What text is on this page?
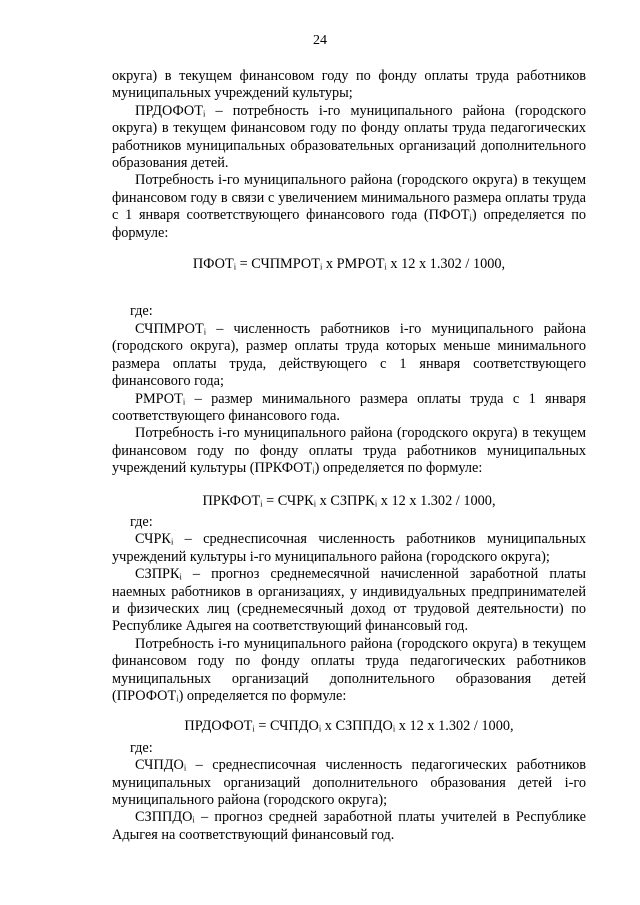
24

округа) в текущем финансовом году по фонду оплаты труда работников муниципальных учреждений культуры;

ПРДОФОТᵢ – потребность i-го муниципального района (городского округа) в текущем финансовом году по фонду оплаты труда педагогических работников муниципальных образовательных организаций дополнительного образования детей.

Потребность i-го муниципального района (городского округа) в текущем финансовом году в связи с увеличением минимального размера оплаты труда с 1 января соответствующего финансового года (ПФОТᵢ) определяется по формуле:

ПФОТᵢ = СЧПМРОТᵢ х РМРОТᵢ х 12 х 1.302 / 1000,

где:

СЧПМРОТᵢ – численность работников i-го муниципального района (городского округа), размер оплаты труда которых меньше минимального размера оплаты труда, действующего с 1 января соответствующего финансового года;

РМРОТᵢ – размер минимального размера оплаты труда с 1 января соответствующего финансового года.

Потребность i-го муниципального района (городского округа) в текущем финансовом году по фонду оплаты труда работников муниципальных учреждений культуры (ПРКФОТᵢ) определяется по формуле:

ПРКФОТᵢ = СЧРКᵢ х СЗПРКᵢ х 12 х 1.302 / 1000,

где:

СЧРКᵢ – среднесписочная численность работников муниципальных учреждений культуры i-го муниципального района (городского округа);

СЗПРКᵢ – прогноз среднемесячной начисленной заработной платы наемных работников в организациях, у индивидуальных предпринимателей и физических лиц (среднемесячный доход от трудовой деятельности) по Республике Адыгея на соответствующий финансовый год.

Потребность i-го муниципального района (городского округа) в текущем финансовом году по фонду оплаты труда педагогических работников муниципальных организаций дополнительного образования детей (ПРОФОТᵢ) определяется по формуле:

ПРДОФОТᵢ = СЧПДОᵢ х СЗППДОᵢ х 12 х 1.302 / 1000,

где:

СЧПДОᵢ – среднесписочная численность педагогических работников муниципальных организаций дополнительного образования детей i-го муниципального района (городского округа);

СЗППДОᵢ – прогноз средней заработной платы учителей в Республике Адыгея на соответствующий финансовый год.
